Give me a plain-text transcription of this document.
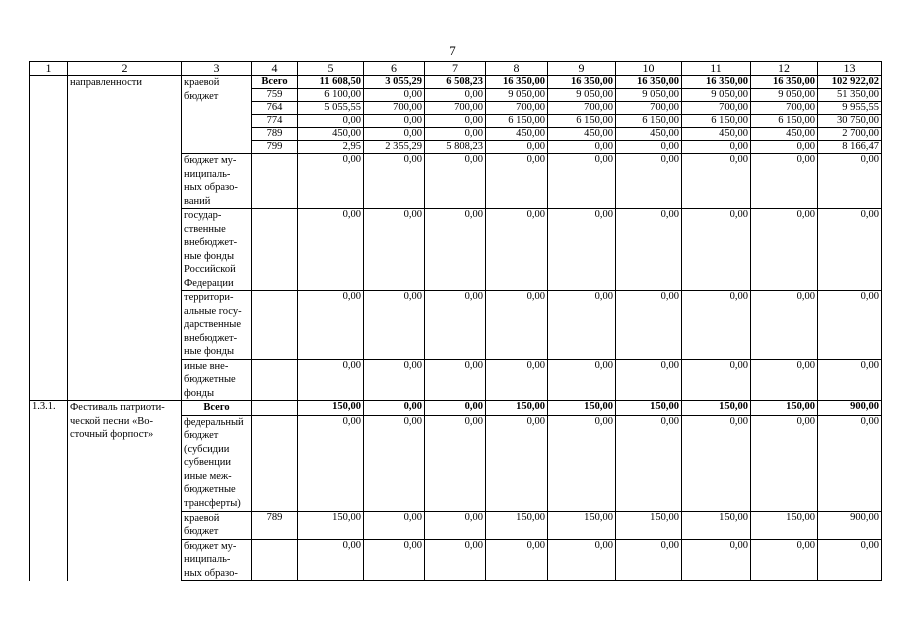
7
1	2	3	4	5	6	7	8	9	10	11	12	13
	направленности	краевой бюджет	Всего	11 608,50	3 055,29	6 508,23	16 350,00	16 350,00	16 350,00	16 350,00	16 350,00	102 922,02
			759	6 100,00	0,00	0,00	9 050,00	9 050,00	9 050,00	9 050,00	9 050,00	51 350,00
			764	5 055,55	700,00	700,00	700,00	700,00	700,00	700,00	700,00	9 955,55
			774	0,00	0,00	0,00	6 150,00	6 150,00	6 150,00	6 150,00	6 150,00	30 750,00
			789	450,00	0,00	0,00	450,00	450,00	450,00	450,00	450,00	2 700,00
			799	2,95	2 355,29	5 808,23	0,00	0,00	0,00	0,00	0,00	8 166,47
		бюджет му- ниципаль- ных образо- ваний		0,00	0,00	0,00	0,00	0,00	0,00	0,00	0,00	0,00
		государ- ственные внебюджет- ные фонды Российской Федерации		0,00	0,00	0,00	0,00	0,00	0,00	0,00	0,00	0,00
		территори- альные госу- дарственные внебюджет- ные фонды		0,00	0,00	0,00	0,00	0,00	0,00	0,00	0,00	0,00
		иные вне- бюджетные фонды		0,00	0,00	0,00	0,00	0,00	0,00	0,00	0,00	0,00
1.3.1.	Фестиваль патриоти- ческой песни «Во- сточный форпост»	Всего		150,00	0,00	0,00	150,00	150,00	150,00	150,00	150,00	900,00
		федеральный бюджет (субсидии субвенции иные меж- бюджетные трансферты)		0,00	0,00	0,00	0,00	0,00	0,00	0,00	0,00	0,00
		краевой бюджет	789	150,00	0,00	0,00	150,00	150,00	150,00	150,00	150,00	900,00
		бюджет му- ниципаль- ных образо-		0,00	0,00	0,00	0,00	0,00	0,00	0,00	0,00	0,00
